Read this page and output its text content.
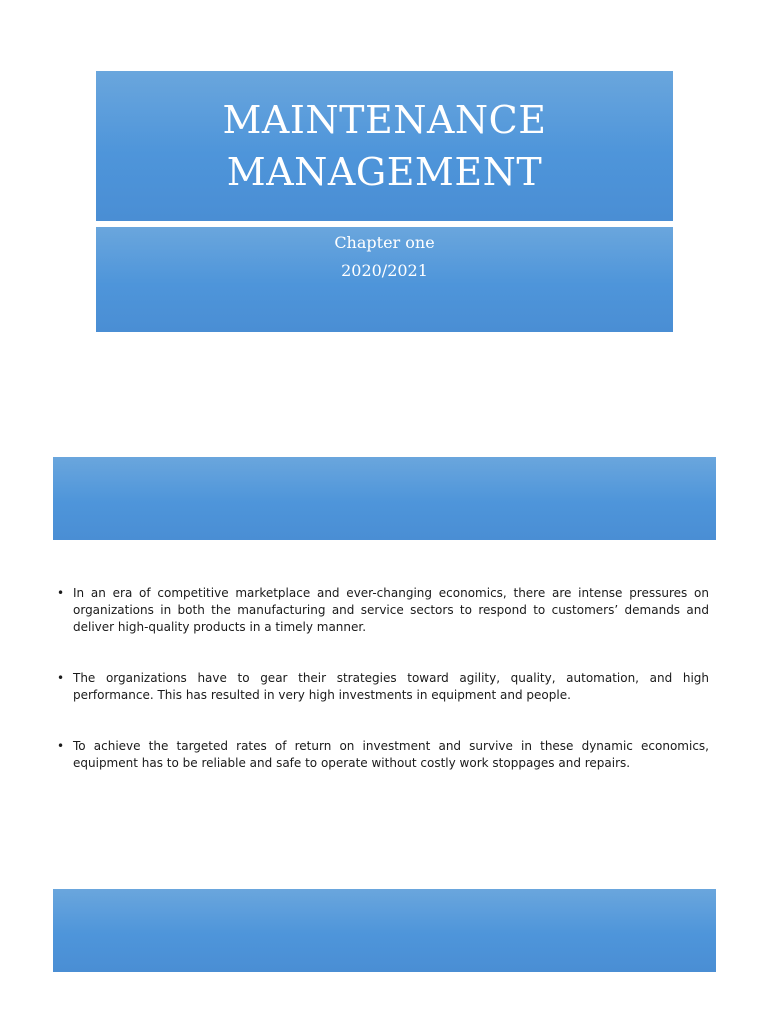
MAINTENANCE
MANAGEMENT
Chapter one
2020/2021
• In an era of competitive marketplace and ever-changing economics, there are intense pressures on organizations in both the manufacturing and service sectors to respond to customers’ demands and deliver high-quality products in a timely manner.
• The organizations have to gear their strategies toward agility, quality, automation, and high performance. This has resulted in very high investments in equipment and people.
• To achieve the targeted rates of return on investment and survive in these dynamic economics, equipment has to be reliable and safe to operate without costly work stoppages and repairs.
